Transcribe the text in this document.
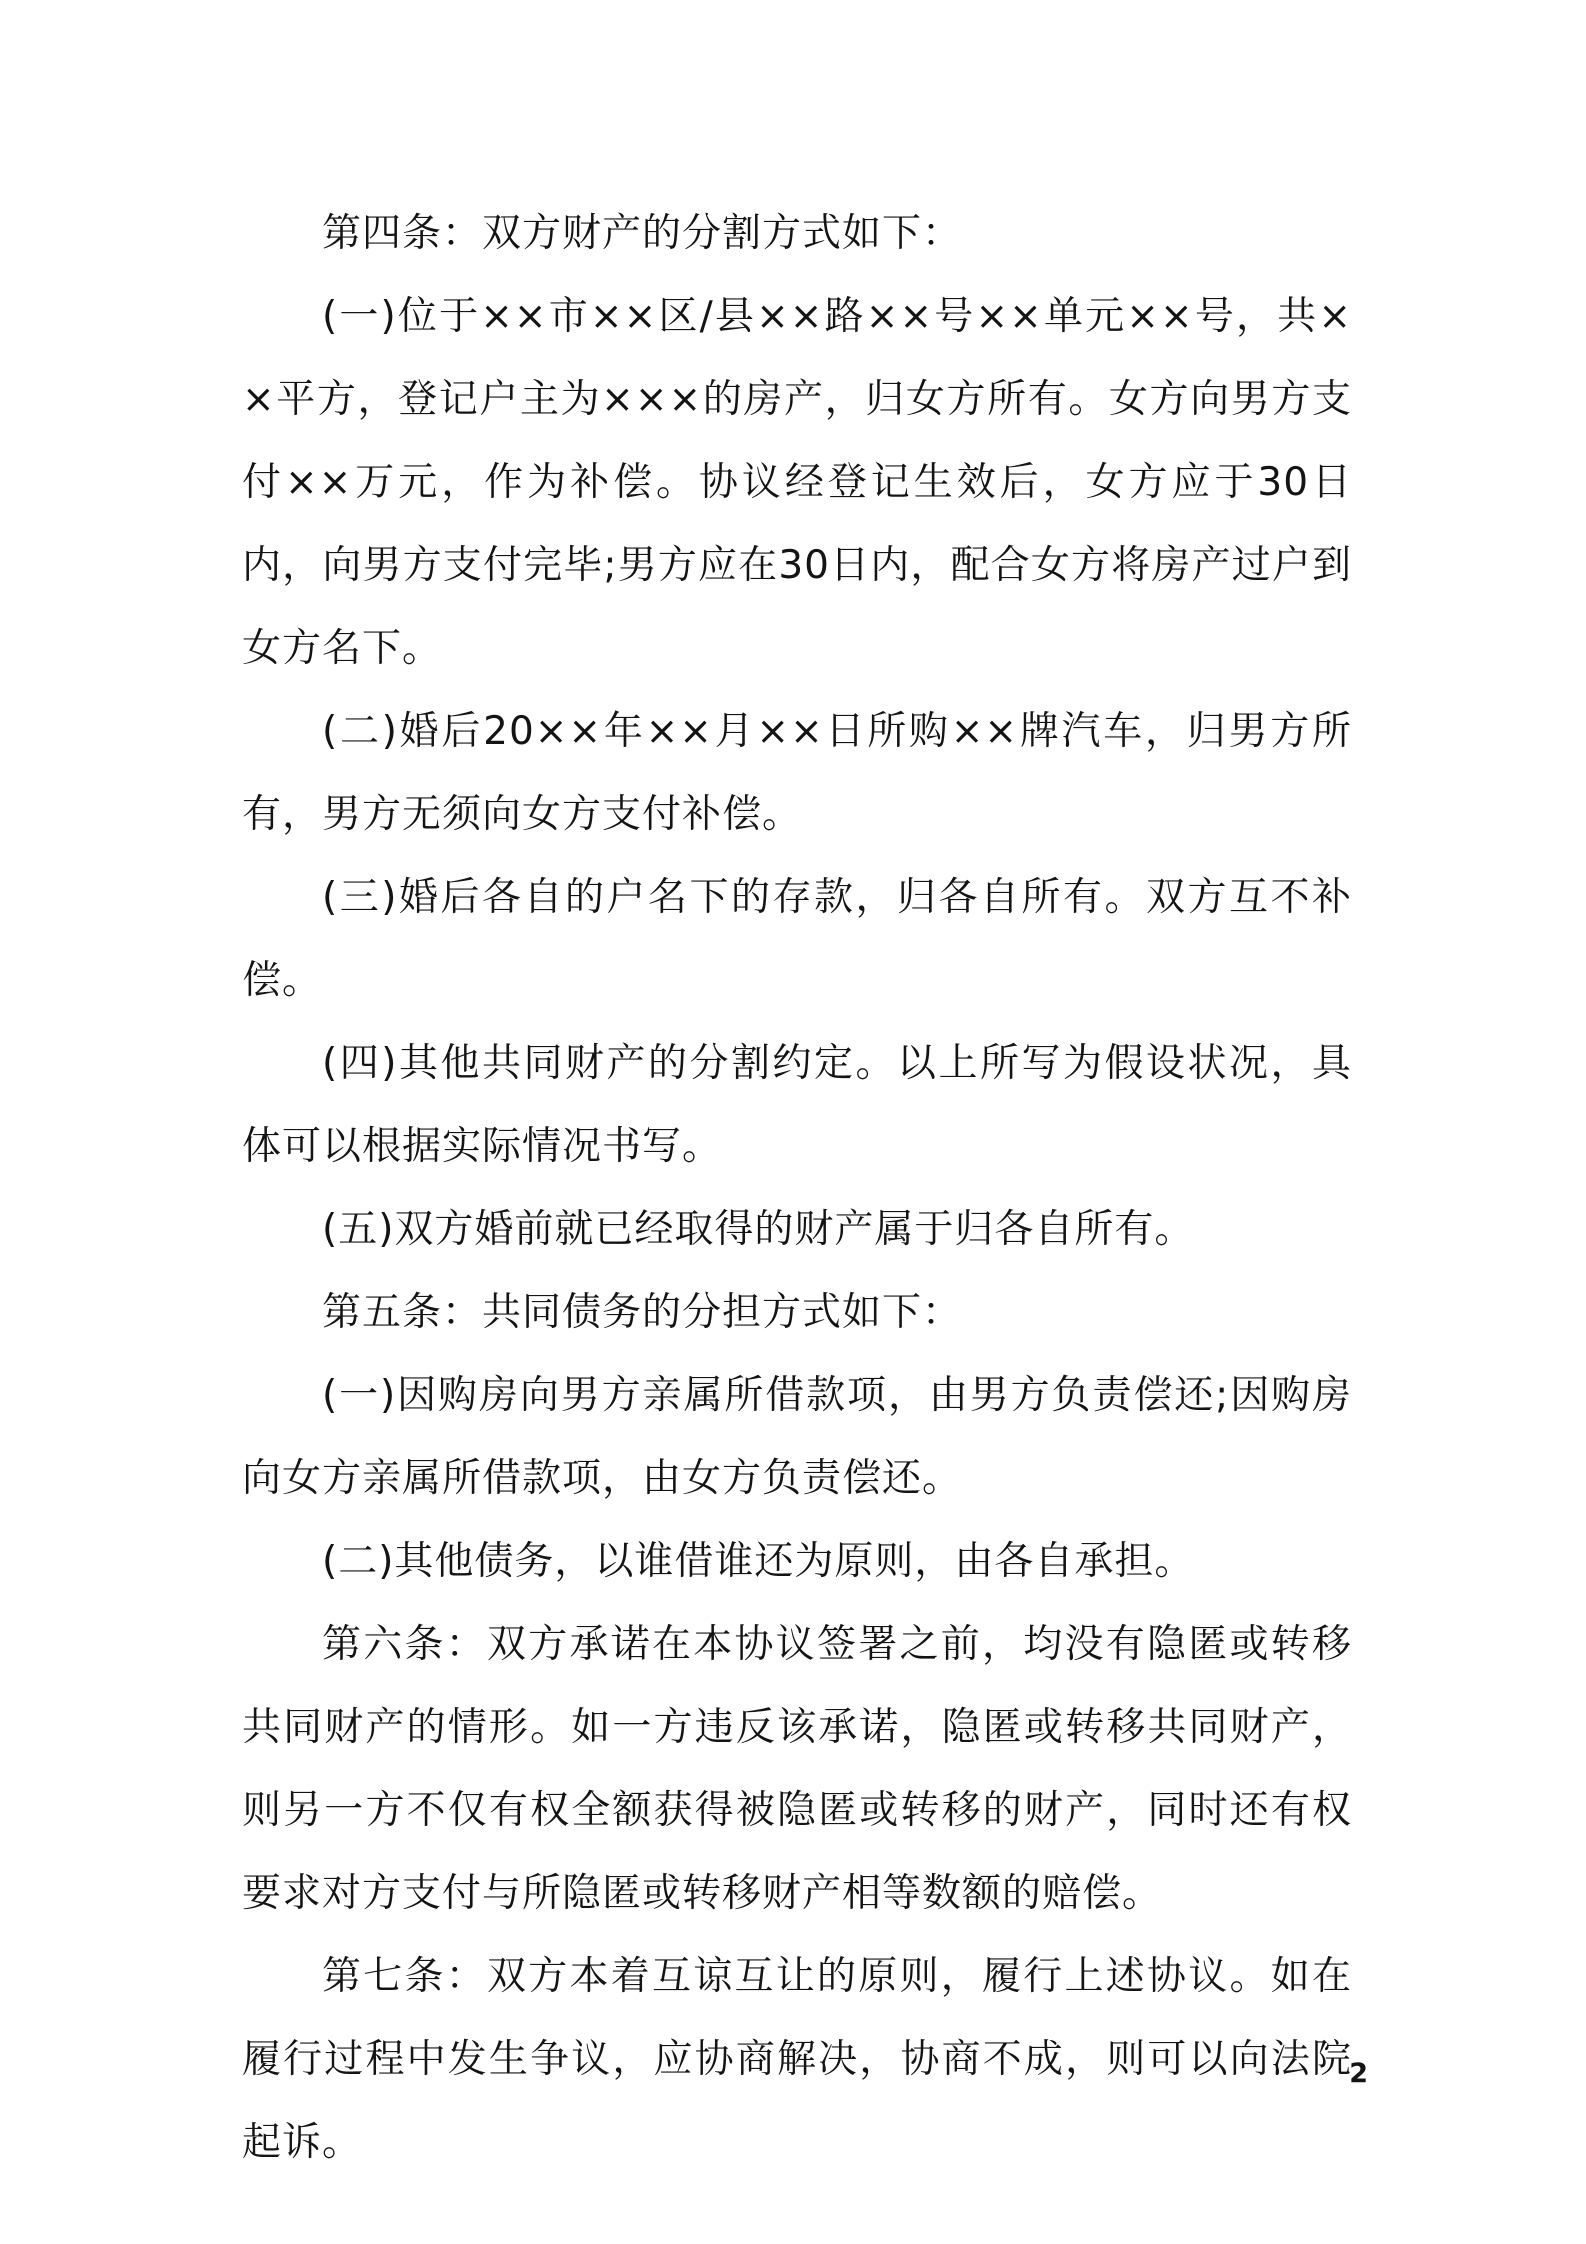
第四条：双方财产的分割方式如下：

(一)位于××市××区/县××路××号××单元××号，共××平方，登记户主为×××的房产，归女方所有。女方向男方支付××万元，作为补偿。协议经登记生效后，女方应于30日内，向男方支付完毕;男方应在30日内，配合女方将房产过户到女方名下。

(二)婚后20××年××月××日所购××牌汽车，归男方所有，男方无须向女方支付补偿。

(三)婚后各自的户名下的存款，归各自所有。双方互不补偿。

(四)其他共同财产的分割约定。以上所写为假设状况，具体可以根据实际情况书写。

(五)双方婚前就已经取得的财产属于归各自所有。

第五条：共同债务的分担方式如下：

(一)因购房向男方亲属所借款项，由男方负责偿还;因购房向女方亲属所借款项，由女方负责偿还。

(二)其他债务，以谁借谁还为原则，由各自承担。

第六条：双方承诺在本协议签署之前，均没有隐匿或转移共同财产的情形。如一方违反该承诺，隐匿或转移共同财产，则另一方不仅有权全额获得被隐匿或转移的财产，同时还有权要求对方支付与所隐匿或转移财产相等数额的赔偿。

第七条：双方本着互谅互让的原则，履行上述协议。如在履行过程中发生争议，应协商解决，协商不成，则可以向法院起诉。

2
